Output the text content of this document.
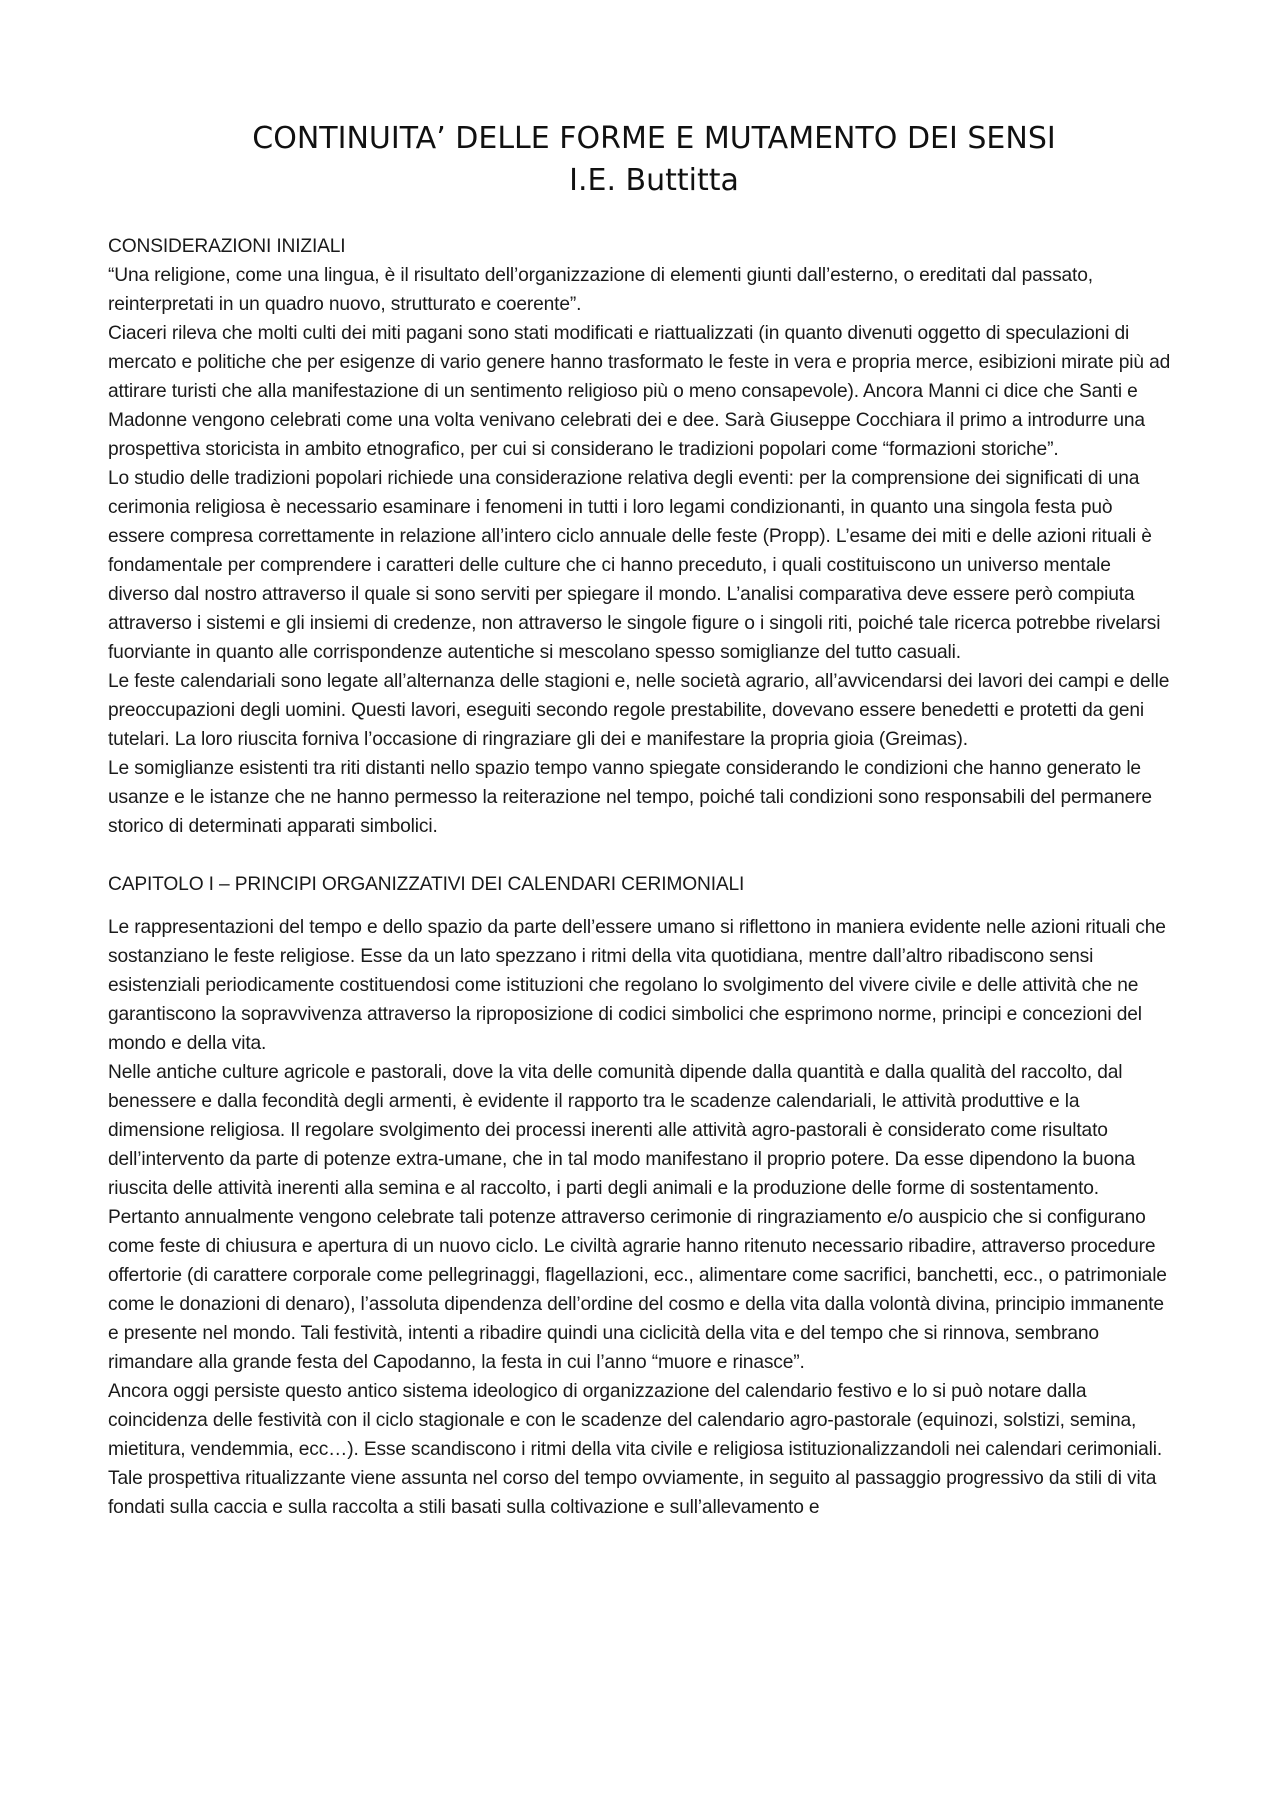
CONTINUITA’ DELLE FORME E MUTAMENTO DEI SENSI
I.E. Buttitta

CONSIDERAZIONI INIZIALI

“Una religione, come una lingua, è il risultato dell’organizzazione di elementi giunti dall’esterno, o ereditati dal passato, reinterpretati in un quadro nuovo, strutturato e coerente”.

Ciaceri rileva che molti culti dei miti pagani sono stati modificati e riattualizzati (in quanto divenuti oggetto di speculazioni di mercato e politiche che per esigenze di vario genere hanno trasformato le feste in vera e propria merce, esibizioni mirate più ad attirare turisti che alla manifestazione di un sentimento religioso più o meno consapevole). Ancora Manni ci dice che Santi e Madonne vengono celebrati come una volta venivano celebrati dei e dee. Sarà Giuseppe Cocchiara il primo a introdurre una prospettiva storicista in ambito etnografico, per cui si considerano le tradizioni popolari come “formazioni storiche”.

Lo studio delle tradizioni popolari richiede una considerazione relativa degli eventi: per la comprensione dei significati di una cerimonia religiosa è necessario esaminare i fenomeni in tutti i loro legami condizionanti, in quanto una singola festa può essere compresa correttamente in relazione all’intero ciclo annuale delle feste (Propp). L’esame dei miti e delle azioni rituali è fondamentale per comprendere i caratteri delle culture che ci hanno preceduto, i quali costituiscono un universo mentale diverso dal nostro attraverso il quale si sono serviti per spiegare il mondo. L’analisi comparativa deve essere però compiuta attraverso i sistemi e gli insiemi di credenze, non attraverso le singole figure o i singoli riti, poiché tale ricerca potrebbe rivelarsi fuorviante in quanto alle corrispondenze autentiche si mescolano spesso somiglianze del tutto casuali.

Le feste calendariali sono legate all’alternanza delle stagioni e, nelle società agrario, all’avvicendarsi dei lavori dei campi e delle preoccupazioni degli uomini. Questi lavori, eseguiti secondo regole prestabilite, dovevano essere benedetti e protetti da geni tutelari. La loro riuscita forniva l’occasione di ringraziare gli dei e manifestare la propria gioia (Greimas).

Le somiglianze esistenti tra riti distanti nello spazio tempo vanno spiegate considerando le condizioni che hanno generato le usanze e le istanze che ne hanno permesso la reiterazione nel tempo, poiché tali condizioni sono responsabili del permanere storico di determinati apparati simbolici.

CAPITOLO I – PRINCIPI ORGANIZZATIVI DEI CALENDARI CERIMONIALI

Le rappresentazioni del tempo e dello spazio da parte dell’essere umano si riflettono in maniera evidente nelle azioni rituali che sostanziano le feste religiose. Esse da un lato spezzano i ritmi della vita quotidiana, mentre dall’altro ribadiscono sensi esistenziali periodicamente costituendosi come istituzioni che regolano lo svolgimento del vivere civile e delle attività che ne garantiscono la sopravvivenza attraverso la riproposizione di codici simbolici che esprimono norme, principi e concezioni del mondo e della vita.

Nelle antiche culture agricole e pastorali, dove la vita delle comunità dipende dalla quantità e dalla qualità del raccolto, dal benessere e dalla fecondità degli armenti, è evidente il rapporto tra le scadenze calendariali, le attività produttive e la dimensione religiosa. Il regolare svolgimento dei processi inerenti alle attività agro-pastorali è considerato come risultato dell’intervento da parte di potenze extra-umane, che in tal modo manifestano il proprio potere. Da esse dipendono la buona riuscita delle attività inerenti alla semina e al raccolto, i parti degli animali e la produzione delle forme di sostentamento. Pertanto annualmente vengono celebrate tali potenze attraverso cerimonie di ringraziamento e/o auspicio che si configurano come feste di chiusura e apertura di un nuovo ciclo. Le civiltà agrarie hanno ritenuto necessario ribadire, attraverso procedure offertorie (di carattere corporale come pellegrinaggi, flagellazioni, ecc., alimentare come sacrifici, banchetti, ecc., o patrimoniale come le donazioni di denaro), l’assoluta dipendenza dell’ordine del cosmo e della vita dalla volontà divina, principio immanente e presente nel mondo. Tali festività, intenti a ribadire quindi una ciclicità della vita e del tempo che si rinnova, sembrano rimandare alla grande festa del Capodanno, la festa in cui l’anno “muore e rinasce”.

Ancora oggi persiste questo antico sistema ideologico di organizzazione del calendario festivo e lo si può notare dalla coincidenza delle festività con il ciclo stagionale e con le scadenze del calendario agro-pastorale (equinozi, solstizi, semina, mietitura, vendemmia, ecc…). Esse scandiscono i ritmi della vita civile e religiosa istituzionalizzandoli nei calendari cerimoniali.

Tale prospettiva ritualizzante viene assunta nel corso del tempo ovviamente, in seguito al passaggio progressivo da stili di vita fondati sulla caccia e sulla raccolta a stili basati sulla coltivazione e sull’allevamento e
